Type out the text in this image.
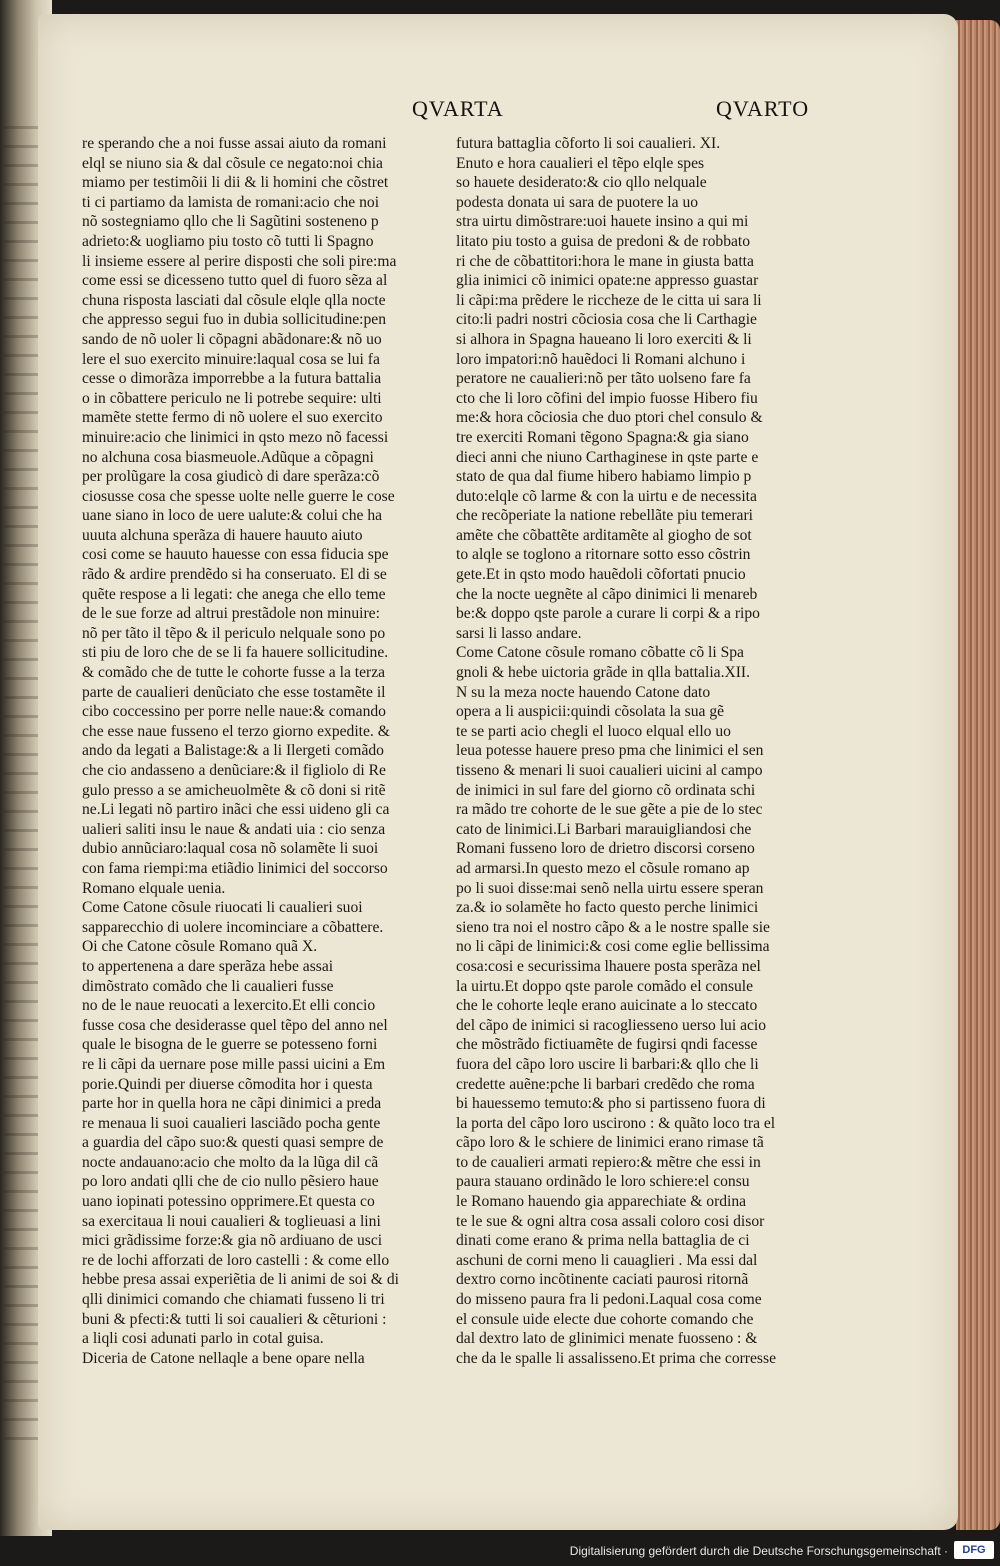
QVARTA	QVARTO

re sperando che a noi fusse assai aiuto da romani

elql se niuno sia & dal cõsule ce negato:noi chia

miamo per testimõii li dii & li homini che cõstret

ti ci partiamo da lamista de romani:acio che noi

nõ sostegniamo qllo che li Sagũtini sosteneno p

adrieto:& uogliamo piu tosto cõ tutti li Spagno

li insieme essere al perire disposti che soli pire:ma

come essi se dicesseno tutto quel di fuoro sẽza al

chuna risposta lasciati dal cõsule elqle qlla nocte

che appresso segui fuo in dubia sollicitudine:pen

sando de nõ uoler li cõpagni abãdonare:& nõ uo

lere el suo exercito minuire:laqual cosa se lui fa

cesse o dimorãza imporrebbe a la futura battalia

o in cõbattere periculo ne li potrebe sequire: ulti

mamẽte stette fermo di nõ uolere el suo exercito

minuire:acio che linimici in qsto mezo nõ facessi

no alchuna cosa biasmeuole.Adũque a cõpagni

per prolũgare la cosa giudicò di dare sperãza:cõ

ciosusse cosa che spesse uolte nelle guerre le cose

uane siano in loco de uere ualute:& colui che ha

uuuta alchuna sperãza di hauere hauuto aiuto

cosi come se hauuto hauesse con essa fiducia spe

rãdo & ardire prendẽdo si ha conseruato. El di se

quẽte respose a li legati: che anega che ello teme

de le sue forze ad altrui prestãdole non minuire:

nõ per tãto il tẽpo & il periculo nelquale sono po

sti piu de loro che de se li fa hauere sollicitudine.

& comãdo che de tutte le cohorte fusse a la terza

parte de caualieri denũciato che esse tostamẽte il

cibo coccessino per porre nelle naue:& comando

che esse naue fusseno el terzo giorno expedite. &

ando da legati a Balistage:& a li Ilergeti comãdo

che cio andasseno a denũciare:& il figliolo di Re

gulo presso a se amicheuolmẽte & cõ doni si ritẽ

ne.Li legati nõ partiro inãci che essi uideno gli ca

ualieri saliti insu le naue & andati uia : cio senza

dubio annũciaro:laqual cosa nõ solamẽte li suoi

con fama riempi:ma etiãdio linimici del soccorso

Romano elquale uenia.

Come Catone cõsule riuocati li caualieri suoi

sapparecchio di uolere incominciare a cõbattere.

Oi che Catone cõsule Romano quã X.

to appertenena a dare sperãza hebe assai

dimõstrato comãdo che li caualieri fusse

no de le naue reuocati a lexercito.Et elli concio

fusse cosa che desiderasse quel tẽpo del anno nel

quale le bisogna de le guerre se potesseno forni

re li cãpi da uernare pose mille passi uicini a Em

porie.Quindi per diuerse cõmodita hor i questa

parte hor in quella hora ne cãpi dinimici a preda

re menaua li suoi caualieri lasciãdo pocha gente

a guardia del cãpo suo:& questi quasi sempre de

nocte andauano:acio che molto da la lũga dil cã

po loro andati qlli che de cio nullo pẽsiero haue

uano iopinati potessino opprimere.Et questa co

sa exercitaua li noui caualieri & toglieuasi a lini

mici grãdissime forze:& gia nõ ardiuano de usci

re de lochi afforzati de loro castelli : & come ello

hebbe presa assai experiẽtia de li animi de soi & di

qlli dinimici comando che chiamati fusseno li tri

buni & pfecti:& tutti li soi caualieri & cẽturioni :

a liqli cosi adunati parlo in cotal guisa.

Diceria de Catone nellaqle a bene opare nella

futura battaglia cõforto li soi caualieri. XI.

Enuto e hora caualieri el tẽpo elqle spes

so hauete desiderato:& cio qllo nelquale

podesta donata ui sara de puotere la uo

stra uirtu dimõstrare:uoi hauete insino a qui mi

litato piu tosto a guisa de predoni & de robbato

ri che de cõbattitori:hora le mane in giusta batta

glia inimici cõ inimici opate:ne appresso guastar

li cãpi:ma prẽdere le riccheze de le citta ui sara li

cito:li padri nostri cõciosia cosa che li Carthagie

si alhora in Spagna haueano li loro exerciti & li

loro impatori:nõ hauẽdoci li Romani alchuno i

peratore ne caualieri:nõ per tãto uolseno fare fa

cto che li loro cõfini del impio fuosse Hibero fiu

me:& hora cõciosia che duo ptori chel consulo &

tre exerciti Romani tẽgono Spagna:& gia siano

dieci anni che niuno Carthaginese in qste parte e

stato de qua dal fiume hibero habiamo limpio p

duto:elqle cõ larme & con la uirtu e de necessita

che recõperiate la natione rebellãte piu temerari

amẽte che cõbattẽte arditamẽte al giogho de sot

to alqle se toglono a ritornare sotto esso cõstrin

gete.Et in qsto modo hauẽdoli cõfortati pnucio

che la nocte uegnẽte al cãpo dinimici li menareb

be:& doppo qste parole a curare li corpi & a ripo

sarsi li lasso andare.

Come Catone cõsule romano cõbatte cõ li Spa

gnoli & hebe uictoria grãde in qlla battalia.XII.

N su la meza nocte hauendo Catone dato

opera a li auspicii:quindi cõsolata la sua gẽ

te se parti acio chegli el luoco elqual ello uo

leua potesse hauere preso pma che linimici el sen

tisseno & menari li suoi caualieri uicini al campo

de inimici in sul fare del giorno cõ ordinata schi

ra mãdo tre cohorte de le sue gẽte a pie de lo stec

cato de linimici.Li Barbari marauigliandosi che

Romani fusseno loro de drietro discorsi corseno

ad armarsi.In questo mezo el cõsule romano ap

po li suoi disse:mai senõ nella uirtu essere speran

za.& io solamẽte ho facto questo perche linimici

sieno tra noi el nostro cãpo & a le nostre spalle sie

no li cãpi de linimici:& cosi come eglie bellissima

cosa:cosi e securissima lhauere posta sperãza nel

la uirtu.Et doppo qste parole comãdo el consule

che le cohorte leqle erano auicinate a lo steccato

del cãpo de inimici si racogliesseno uerso lui acio

che mõstrãdo fictiuamẽte de fugirsi qndi facesse

fuora del cãpo loro uscire li barbari:& qllo che li

credette auẽne:pche li barbari credẽdo che roma

bi hauessemo temuto:& pho si partisseno fuora di

la porta del cãpo loro uscirono : & quãto loco tra el

cãpo loro & le schiere de linimici erano rimase tã

to de caualieri armati repiero:& mẽtre che essi in

paura stauano ordinãdo le loro schiere:el consu

le Romano hauendo gia apparechiate & ordina

te le sue & ogni altra cosa assali coloro cosi disor

dinati come erano & prima nella battaglia de ci

aschuni de corni meno li cauaglieri . Ma essi dal

dextro corno incõtinente caciati paurosi ritornã

do misseno paura fra li pedoni.Laqual cosa come

el consule uide electe due cohorte comando che

dal dextro lato de glinimici menate fuosseno : &

che da le spalle li assalisseno.Et prima che corresse

Digitalisierung gefördert durch die Deutsche Forschungsgemeinschaft ·	DFG
